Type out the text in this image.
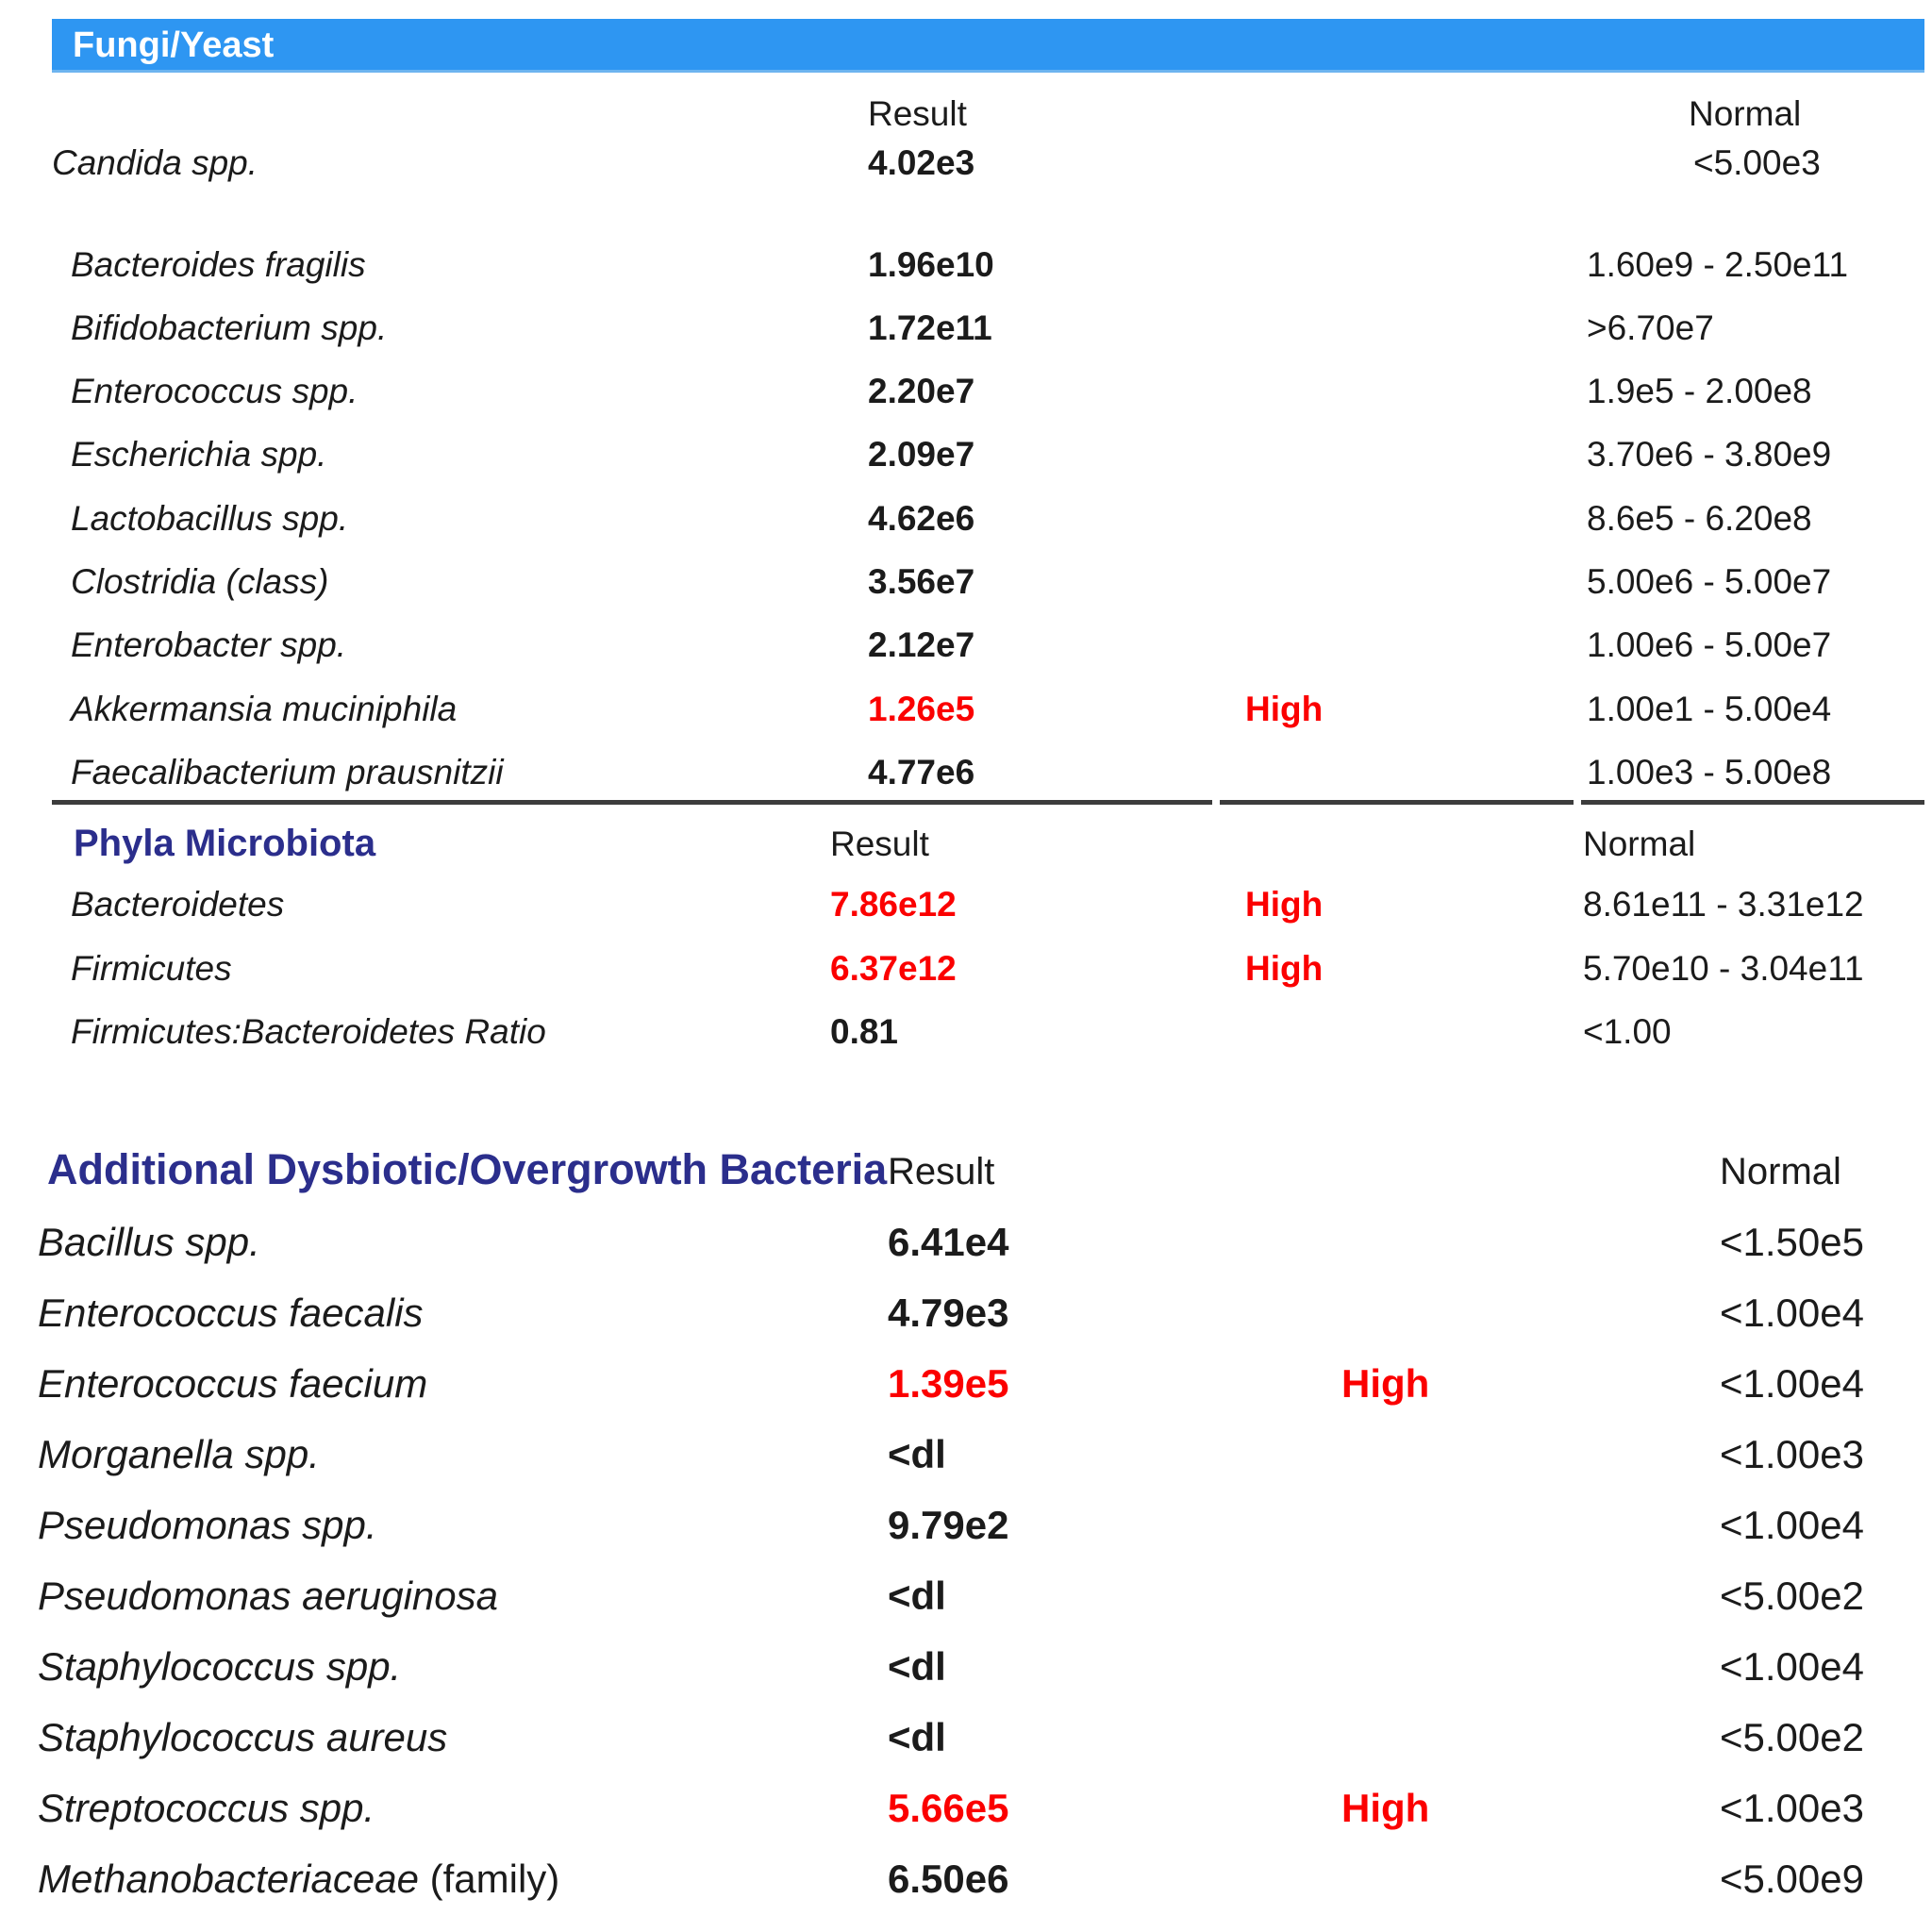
Fungi/Yeast
Result	Normal
Candida spp.	4.02e3	<5.00e3
Bacteroides fragilis	1.96e10	1.60e9 - 2.50e11
Bifidobacterium spp.	1.72e11	>6.70e7
Enterococcus spp.	2.20e7	1.9e5 - 2.00e8
Escherichia spp.	2.09e7	3.70e6 - 3.80e9
Lactobacillus spp.	4.62e6	8.6e5 - 6.20e8
Clostridia (class)	3.56e7	5.00e6 - 5.00e7
Enterobacter spp.	2.12e7	1.00e6 - 5.00e7
Akkermansia muciniphila	1.26e5	High	1.00e1 - 5.00e4
Faecalibacterium prausnitzii	4.77e6	1.00e3 - 5.00e8
Phyla Microbiota	Result	Normal
Bacteroidetes	7.86e12	High	8.61e11 - 3.31e12
Firmicutes	6.37e12	High	5.70e10 - 3.04e11
Firmicutes:Bacteroidetes Ratio	0.81	<1.00
Additional Dysbiotic/Overgrowth Bacteria Result	Normal
Bacillus spp.	6.41e4	<1.50e5
Enterococcus faecalis	4.79e3	<1.00e4
Enterococcus faecium	1.39e5	High	<1.00e4
Morganella spp.	<dl	<1.00e3
Pseudomonas spp.	9.79e2	<1.00e4
Pseudomonas aeruginosa	<dl	<5.00e2
Staphylococcus spp.	<dl	<1.00e4
Staphylococcus aureus	<dl	<5.00e2
Streptococcus spp.	5.66e5	High	<1.00e3
Methanobacteriaceae (family)	6.50e6	<5.00e9
